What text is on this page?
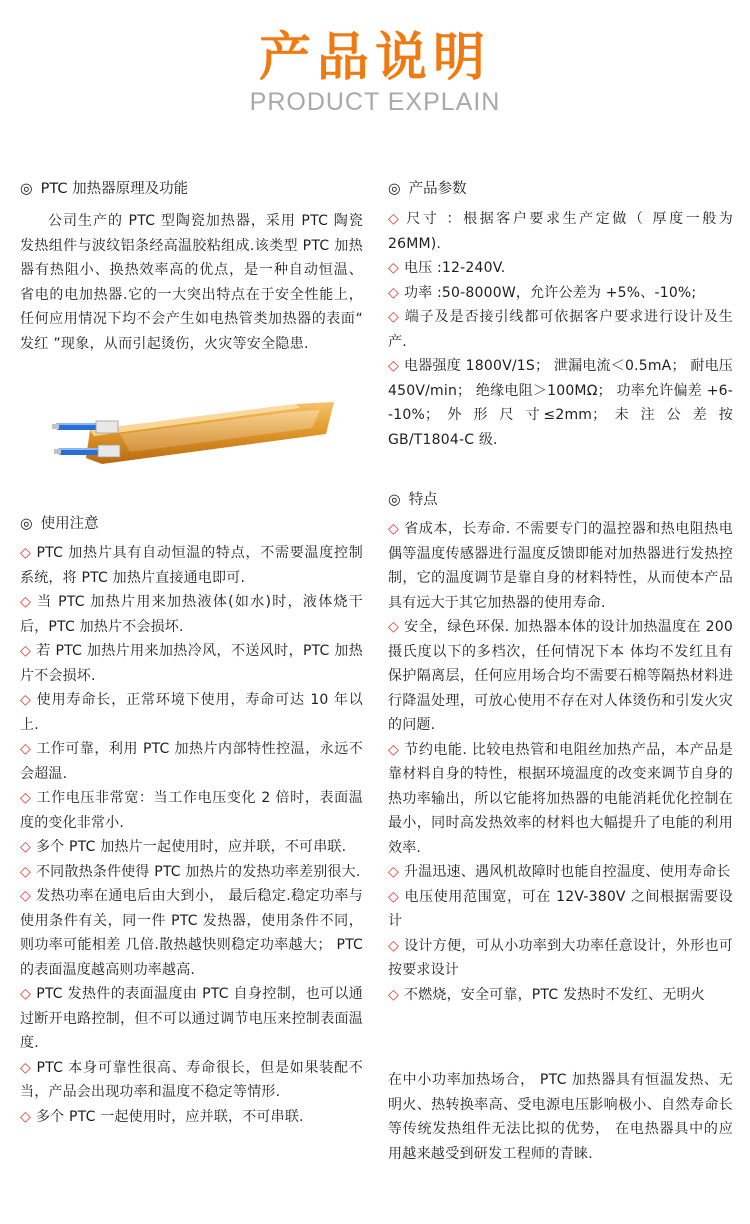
产品说明
PRODUCT EXPLAIN
◎ PTC 加热器原理及功能
公司生产的 PTC 型陶瓷加热器，采用 PTC 陶瓷发热组件与波纹铝条经高温胶粘组成.该类型 PTC 加热器有热阻小、换热效率高的优点，是一种自动恒温、省电的电加热器.它的一大突出特点在于安全性能上，任何应用情况下均不会产生如电热管类加热器的表面“ 发红 ”现象，从而引起烫伤，火灾等安全隐患.
◎ 产品参数
◇ 尺寸 ：根据客户要求生产定做（ 厚度一般为 26MM).
◇ 电压 :12-240V.
◇ 功率 :50-8000W，允许公差为 +5%、-10%;
◇ 端子及是否接引线都可依据客户要求进行设计及生产.
◇ 电器强度 1800V/1S； 泄漏电流＜0.5mA； 耐电压 450V/min； 绝缘电阻＞100MΩ； 功率允许偏差 +6--10%； 外 形 尺 寸≤2mm； 未 注 公 差 按 GB/T1804-C 级.
◎ 使用注意
◇ PTC 加热片具有自动恒温的特点，不需要温度控制系统，将 PTC 加热片直接通电即可.
◇ 当 PTC 加热片用来加热液体(如水)时，液体烧干后，PTC 加热片不会损坏.
◇ 若 PTC 加热片用来加热冷风，不送风时，PTC 加热片不会损坏.
◇ 使用寿命长，正常环境下使用，寿命可达 10 年以上.
◇ 工作可靠，利用 PTC 加热片内部特性控温，永远不会超温.
◇ 工作电压非常宽：当工作电压变化 2 倍时，表面温度的变化非常小.
◇ 多个 PTC 加热片一起使用时，应并联，不可串联.
◇ 不同散热条件使得 PTC 加热片的发热功率差别很大.
◇ 发热功率在通电后由大到小， 最后稳定.稳定功率与使用条件有关，同一件 PTC 发热器，使用条件不同，则功率可能相差 几倍.散热越快则稳定功率越大； PTC 的表面温度越高则功率越高.
◇ PTC 发热件的表面温度由 PTC 自身控制，也可以通过断开电路控制，但不可以通过调节电压来控制表面温度.
◇ PTC 本身可靠性很高、寿命很长，但是如果装配不当，产品会出现功率和温度不稳定等情形.
◇ 多个 PTC 一起使用时，应并联，不可串联.
◎ 特点
◇ 省成本，长寿命. 不需要专门的温控器和热电阻热电偶等温度传感器进行温度反馈即能对加热器进行发热控制，它的温度调节是靠自身的材料特性，从而使本产品具有远大于其它加热器的使用寿命.
◇ 安全，绿色环保. 加热器本体的设计加热温度在 200 摄氏度以下的多档次，任何情况下本 体均不发红且有保护隔离层，任何应用场合均不需要石棉等隔热材料进 行降温处理，可放心使用不存在对人体烫伤和引发火灾的问题.
◇ 节约电能. 比较电热管和电阻丝加热产品，本产品是靠材料自身的特性，根据环境温度的改变来调节自身的热功率输出，所以它能将加热器的电能消耗优化控制在最小，同时高发热效率的材料也大幅提升了电能的利用效率.
◇ 升温迅速、遇风机故障时也能自控温度、使用寿命长
◇ 电压使用范围宽，可在 12V-380V 之间根据需要设计
◇ 设计方便，可从小功率到大功率任意设计，外形也可按要求设计
◇ 不燃烧，安全可靠，PTC 发热时不发红、无明火
在中小功率加热场合， PTC 加热器具有恒温发热、无明火、热转换率高、受电源电压影响极小、自然寿命长等传统发热组件无法比拟的优势， 在电热器具中的应用越来越受到研发工程师的青睐.
